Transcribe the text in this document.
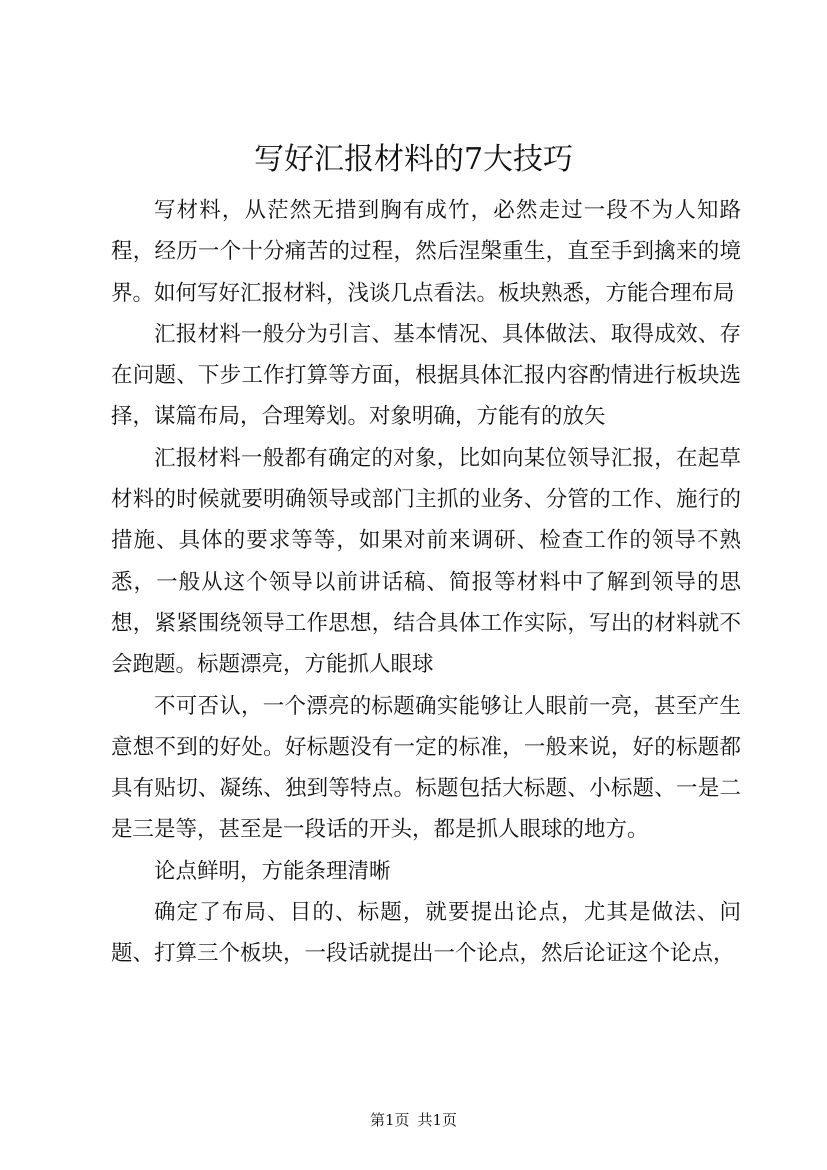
写好汇报材料的7大技巧

写材料，从茫然无措到胸有成竹，必然走过一段不为人知路程，经历一个十分痛苦的过程，然后涅槃重生，直至手到擒来的境界。如何写好汇报材料，浅谈几点看法。板块熟悉，方能合理布局

汇报材料一般分为引言、基本情况、具体做法、取得成效、存在问题、下步工作打算等方面，根据具体汇报内容酌情进行板块选择，谋篇布局，合理筹划。对象明确，方能有的放矢

汇报材料一般都有确定的对象，比如向某位领导汇报，在起草材料的时候就要明确领导或部门主抓的业务、分管的工作、施行的措施、具体的要求等等，如果对前来调研、检查工作的领导不熟悉，一般从这个领导以前讲话稿、简报等材料中了解到领导的思想，紧紧围绕领导工作思想，结合具体工作实际，写出的材料就不会跑题。标题漂亮，方能抓人眼球

不可否认，一个漂亮的标题确实能够让人眼前一亮，甚至产生意想不到的好处。好标题没有一定的标准，一般来说，好的标题都具有贴切、凝练、独到等特点。标题包括大标题、小标题、一是二是三是等，甚至是一段话的开头，都是抓人眼球的地方。

论点鲜明，方能条理清晰

确定了布局、目的、标题，就要提出论点，尤其是做法、问题、打算三个板块，一段话就提出一个论点，然后论证这个论点，

第1页 共1页
